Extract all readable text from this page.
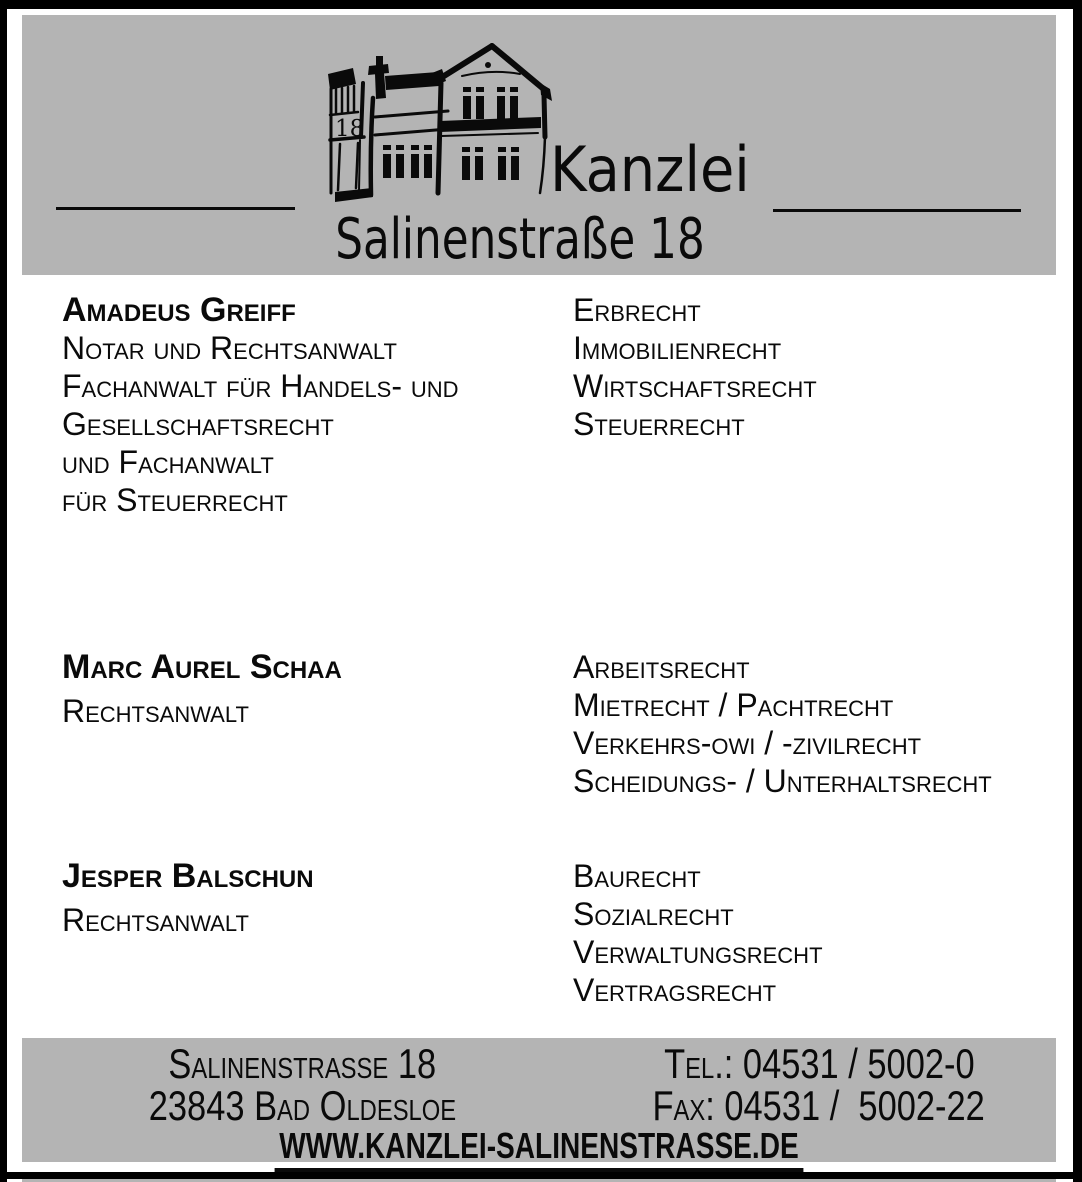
18
Kanzlei
Salinenstraße 18
Amadeus Greiff
Notar und Rechtsanwalt
Fachanwalt für Handels- und
Gesellschaftsrecht
und Fachanwalt
für Steuerrecht
Erbrecht
Immobilienrecht
Wirtschaftsrecht
Steuerrecht
Marc Aurel Schaa
Rechtsanwalt
Arbeitsrecht
Mietrecht / Pachtrecht
Verkehrs-owi / -zivilrecht
Scheidungs- / Unterhaltsrecht
Jesper Balschun
Rechtsanwalt
Baurecht
Sozialrecht
Verwaltungsrecht
Vertragsrecht
Salinenstrasse 18
23843 Bad Oldesloe
Tel.: 04531 / 5002-0
Fax: 04531 /  5002-22
WWW.KANZLEI-SALINENSTRASSE.DE
